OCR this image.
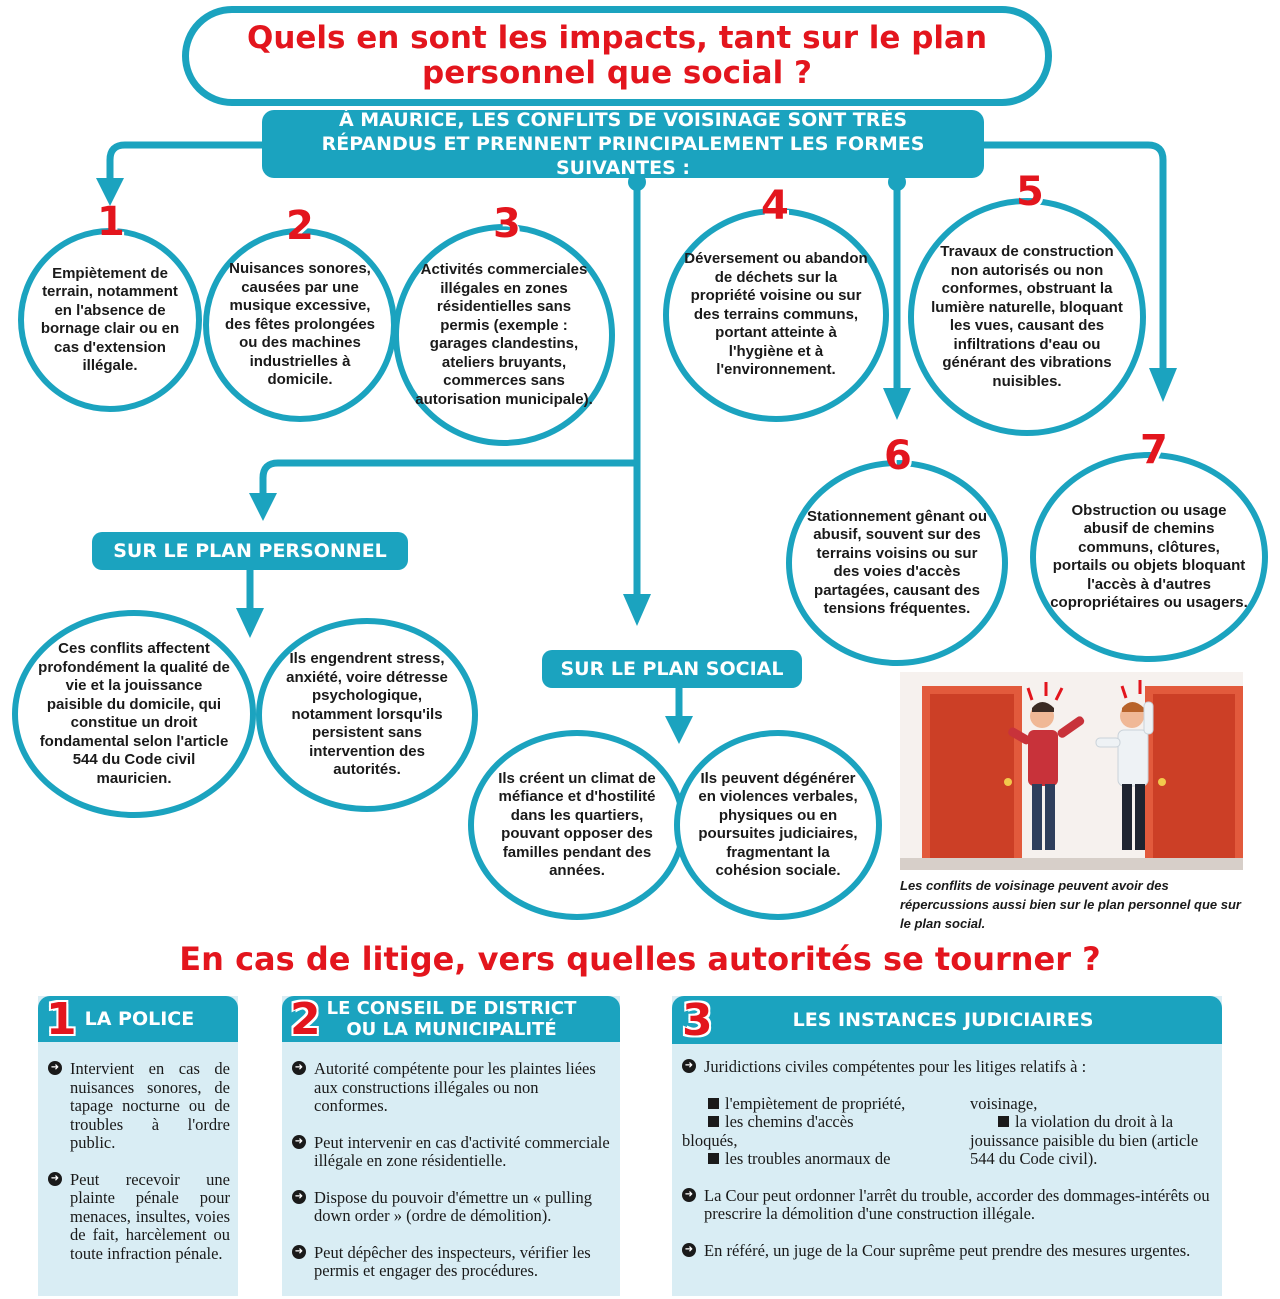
Quels en sont les impacts, tant sur le plan personnel que social ?
À MAURICE, LES CONFLITS DE VOISINAGE SONT TRÈS RÉPANDUS ET PRENNENT PRINCIPALEMENT LES FORMES SUIVANTES :
1
Empiètement de terrain, notamment en l'absence de bornage clair ou en cas d'extension illégale.
2
Nuisances sonores, causées par une musique excessive, des fêtes prolongées ou des machines industrielles à domicile.
3
Activités commerciales illégales en zones résidentielles sans permis (exemple : garages clandestins, ateliers bruyants, commerces sans autorisation municipale).
4
Déversement ou abandon de déchets sur la propriété voisine ou sur des terrains communs, portant atteinte à l'hygiène et à l'environnement.
5
Travaux de construction non autorisés ou non conformes, obstruant la lumière naturelle, bloquant les vues, causant des infiltrations d'eau ou générant des vibrations nuisibles.
6
Stationnement gênant ou abusif, souvent sur des terrains voisins ou sur des voies d'accès partagées, causant des tensions fréquentes.
7
Obstruction ou usage abusif de chemins communs, clôtures, portails ou objets bloquant l'accès à d'autres copropriétaires ou usagers.
SUR LE PLAN PERSONNEL
Ces conflits affectent profondément la qualité de vie et la jouissance paisible du domicile, qui constitue un droit fondamental selon l'article 544 du Code civil mauricien.
Ils engendrent stress, anxiété, voire détresse psychologique, notamment lorsqu'ils persistent sans intervention des autorités.
SUR LE PLAN SOCIAL
Ils créent un climat de méfiance et d'hostilité dans les quartiers, pouvant opposer des familles pendant des années.
Ils peuvent dégénérer en violences verbales, physiques ou en poursuites judiciaires, fragmentant la cohésion sociale.
Les conflits de voisinage peuvent avoir des répercussions aussi bien sur le plan personnel que sur le plan social.
En cas de litige, vers quelles autorités se tourner ?
1 LA POLICE
➜ Intervient en cas de nuisances sonores, de tapage nocturne ou de troubles à l'ordre public.
➜ Peut recevoir une plainte pénale pour menaces, insultes, voies de fait, harcèlement ou toute infraction pénale.
2 LE CONSEIL DE DISTRICT
OU LA MUNICIPALITÉ
➜ Autorité compétente pour les plaintes liées aux constructions illégales ou non conformes.
➜ Peut intervenir en cas d'activité commerciale illégale en zone résidentielle.
➜ Dispose du pouvoir d'émettre un « pulling down order » (ordre de démolition).
➜ Peut dépêcher des inspecteurs, vérifier les permis et engager des procédures.
3	LES INSTANCES JUDICIAIRES
➜ Juridictions civiles compétentes pour les litiges relatifs à :
l'empiètement de propriété,
les chemins d'accès
bloqués,
les troubles anormaux de
voisinage,
la violation du droit à la
jouissance paisible du bien (article
544 du Code civil).
➜ La Cour peut ordonner l'arrêt du trouble, accorder des dommages-intérêts ou prescrire la démolition d'une construction illégale.
➜ En référé, un juge de la Cour suprême peut prendre des mesures urgentes.
